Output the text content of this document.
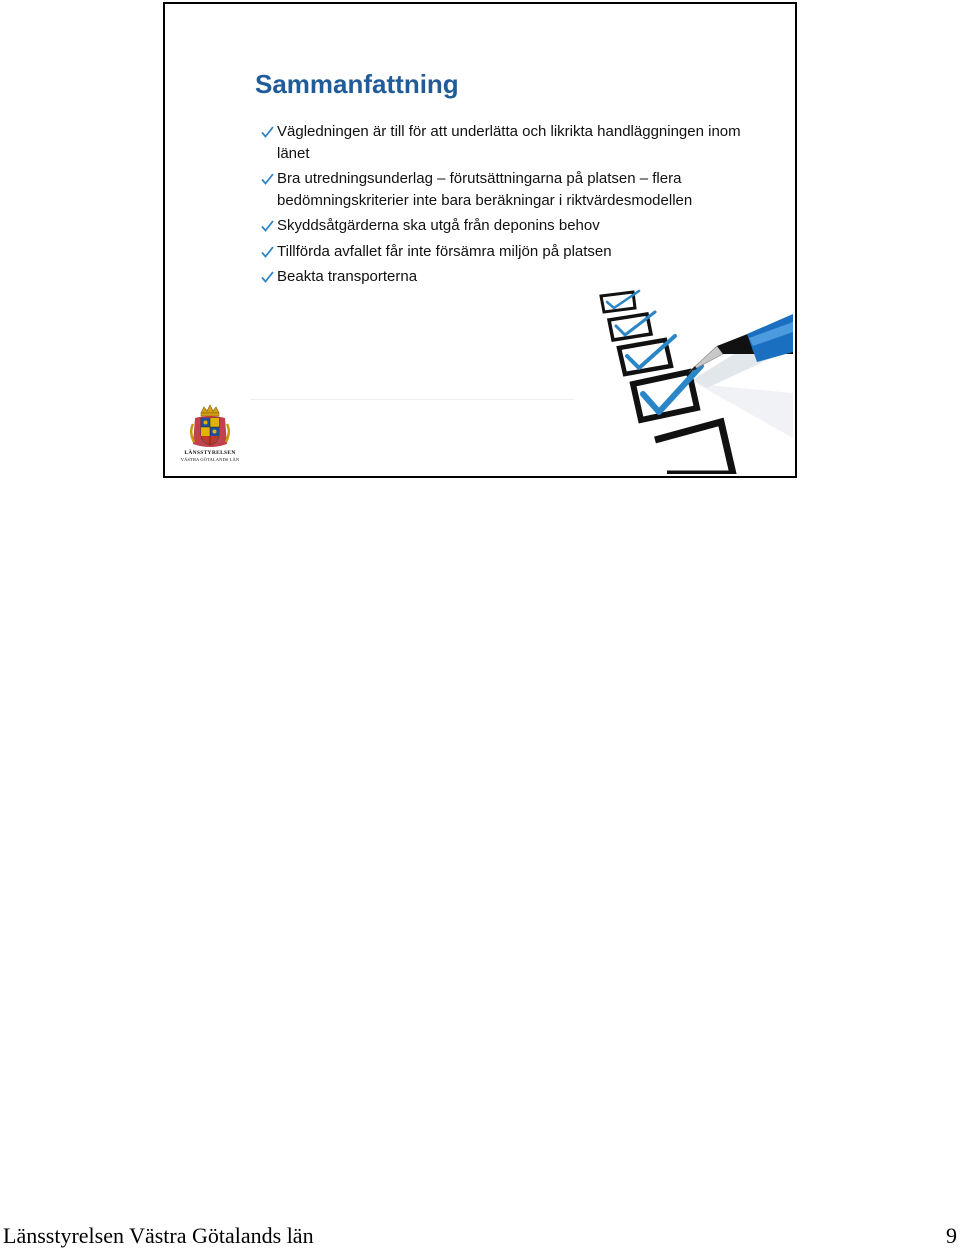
Sammanfattning
Vägledningen är till för att underlätta och likrikta handläggningen inom länet
Bra utredningsunderlag – förutsättningarna på platsen – flera bedömningskriterier inte bara beräkningar i riktvärdesmodellen
Skyddsåtgärderna ska utgå från deponins behov
Tillförda avfallet får inte försämra miljön på platsen
Beakta transporterna
LÄNSSTYRELSEN
VÄSTRA GÖTALANDS LÄN
Länsstyrelsen Västra Götalands län	9
